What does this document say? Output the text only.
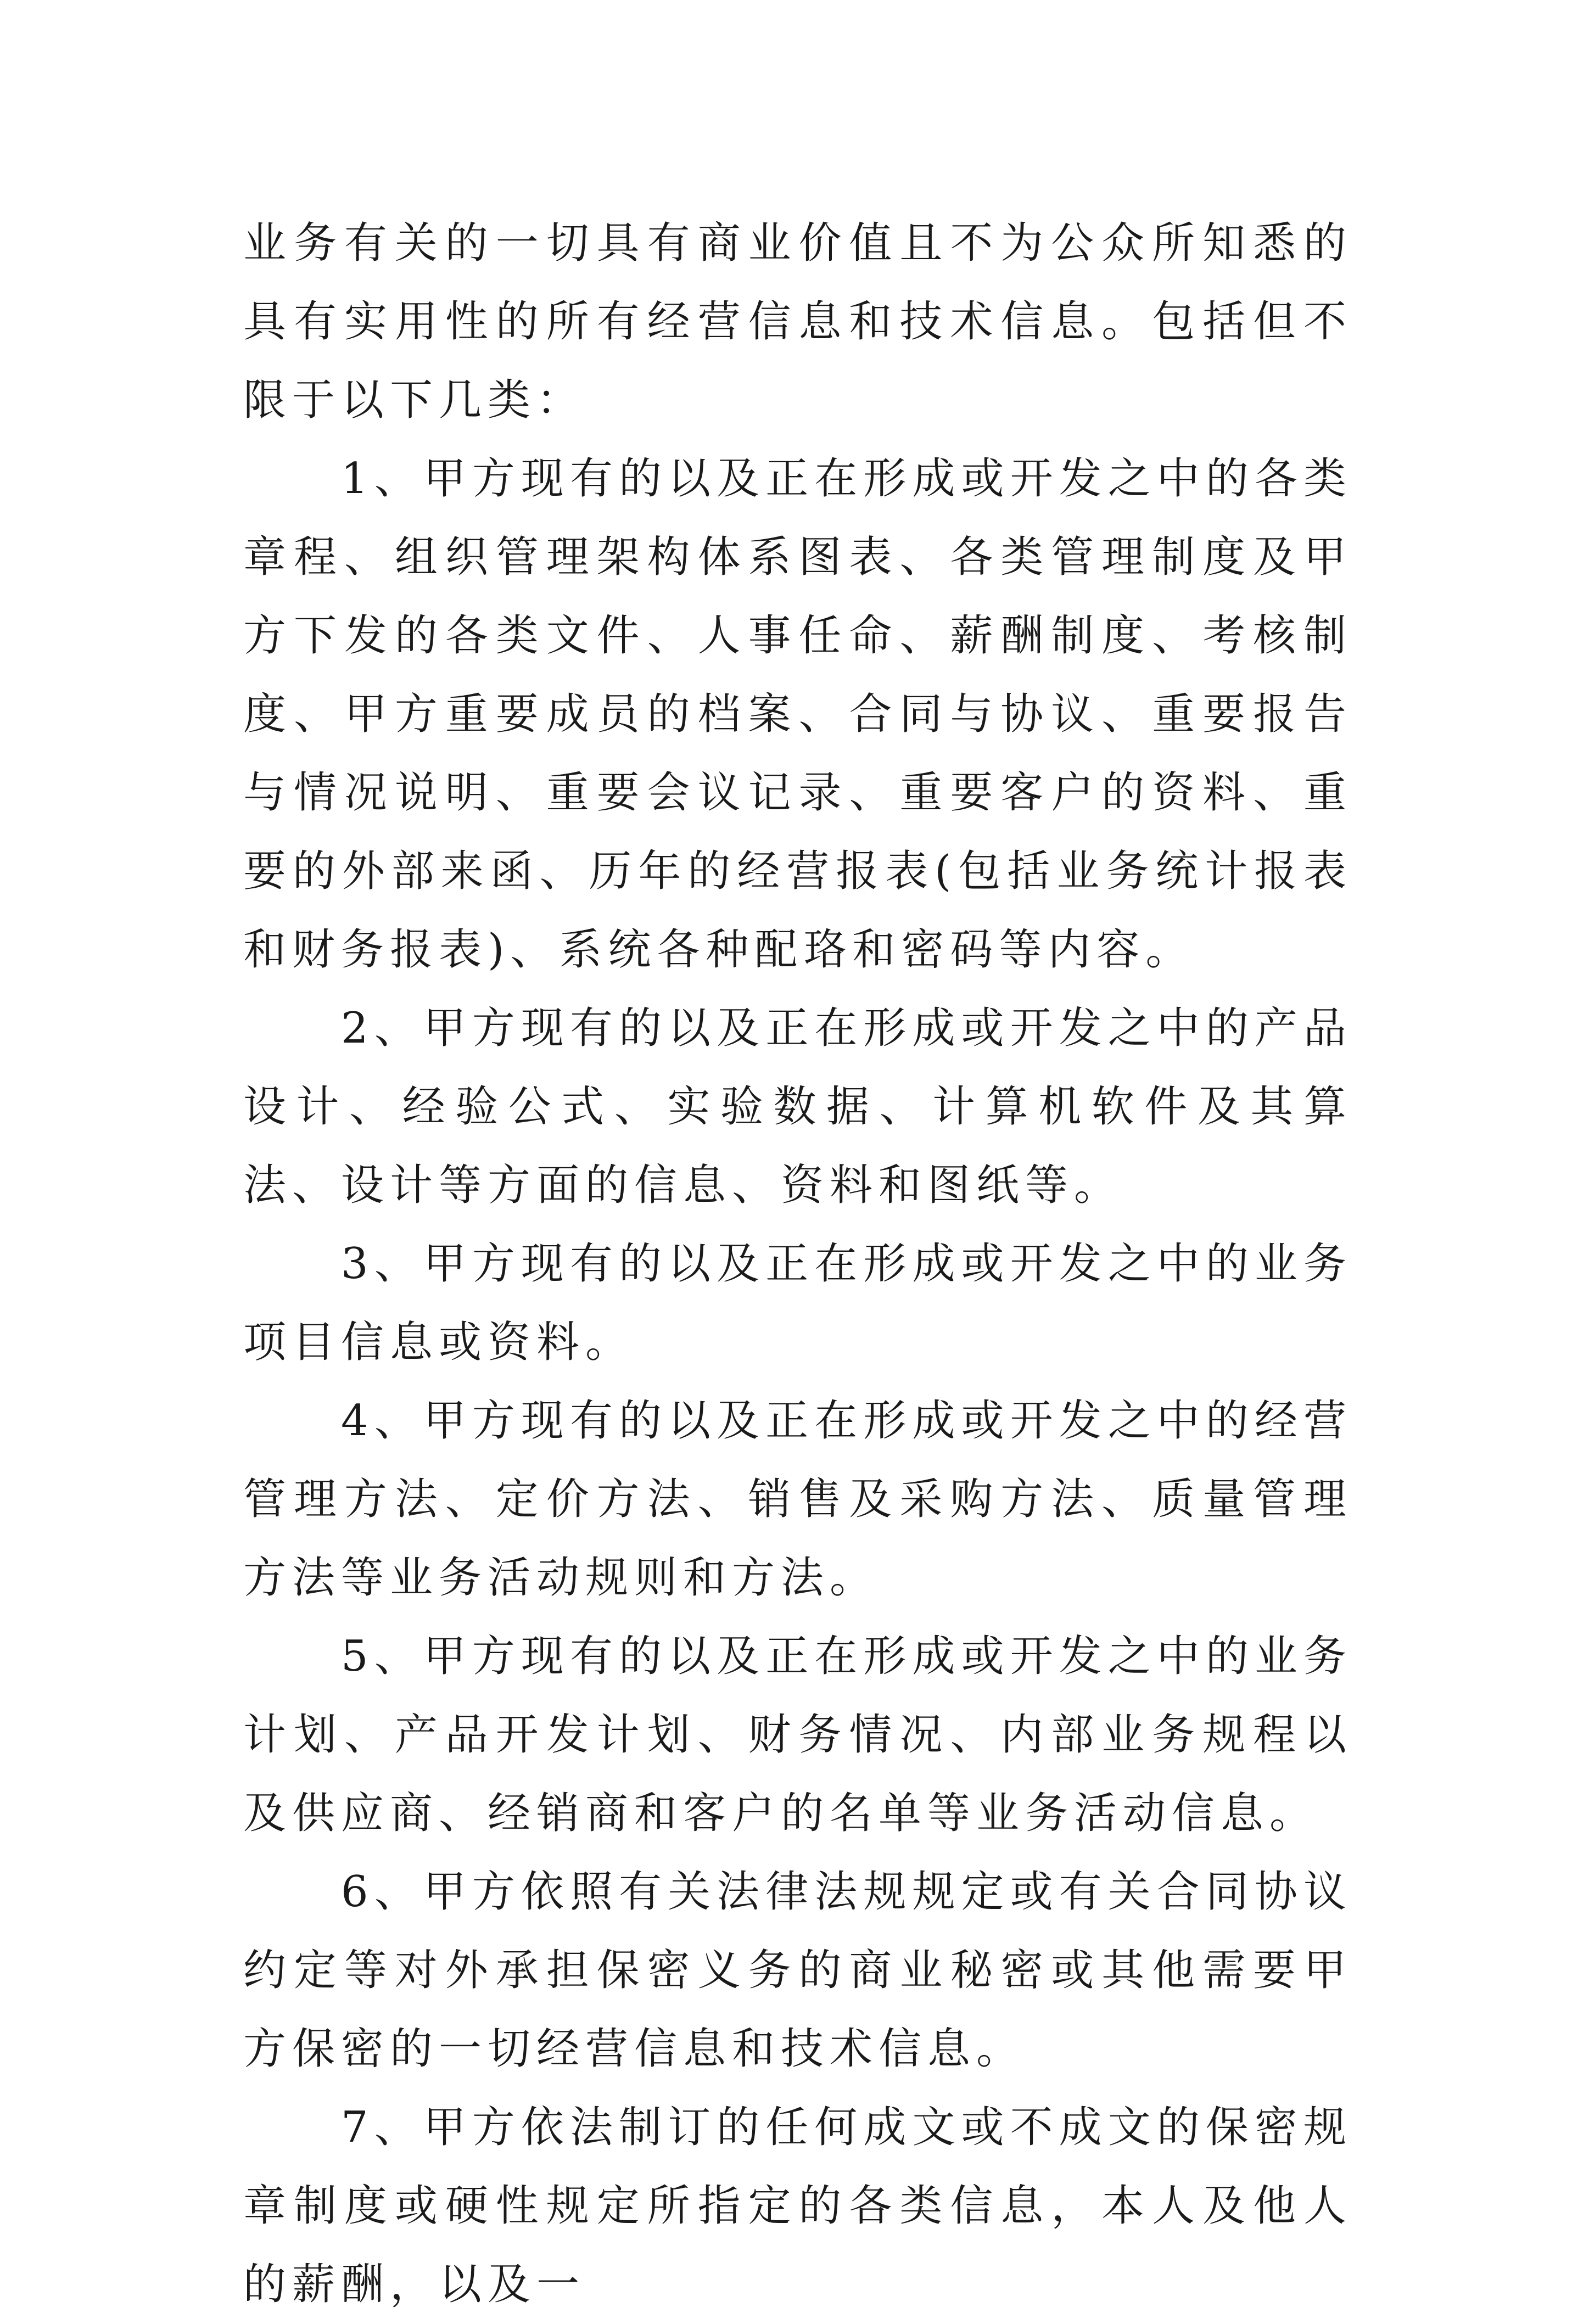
业务有关的一切具有商业价值且不为公众所知悉的具有实用性的所有经营信息和技术信息。包括但不限于以下几类：

1、甲方现有的以及正在形成或开发之中的各类章程、组织管理架构体系图表、各类管理制度及甲方下发的各类文件、人事任命、薪酬制度、考核制度、甲方重要成员的档案、合同与协议、重要报告与情况说明、重要会议记录、重要客户的资料、重要的外部来函、历年的经营报表(包括业务统计报表和财务报表)、系统各种配珞和密码等内容。

2、甲方现有的以及正在形成或开发之中的产品设计、经验公式、实验数据、计算机软件及其算法、设计等方面的信息、资料和图纸等。

3、甲方现有的以及正在形成或开发之中的业务项目信息或资料。

4、甲方现有的以及正在形成或开发之中的经营管理方法、定价方法、销售及采购方法、质量管理方法等业务活动规则和方法。

5、甲方现有的以及正在形成或开发之中的业务计划、产品开发计划、财务情况、内部业务规程以及供应商、经销商和客户的名单等业务活动信息。

6、甲方依照有关法律法规规定或有关合同协议约定等对外承担保密义务的商业秘密或其他需要甲方保密的一切经营信息和技术信息。

7、甲方依法制订的任何成文或不成文的保密规章制度或硬性规定所指定的各类信息，本人及他人的薪酬，以及一
